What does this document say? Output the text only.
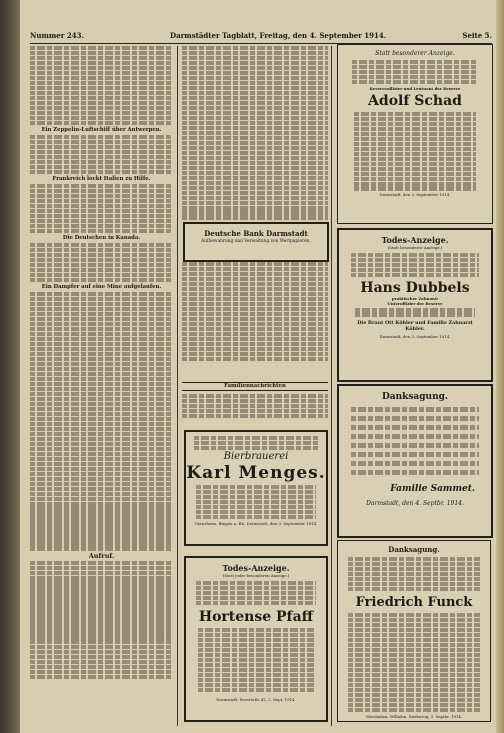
Nummer 243.	Darmstädter Tagblatt, Freitag, den 4. September 1914.	Seite 5.
Ein Zeppelin-Luftschiff über Antwerpen.
Frankreich lockt Italien zu Hilfe.
Die Deutschen in Kanada.
Ein Dampfer auf eine Mine aufgelaufen.
Aufruf.
Deutsche Bank Darmstadt
Aufbewahrung und Verwaltung von Wertpapieren.
Familiennachrichten
Bierbrauerei
Karl Menges.
Gernsheim, Bingen a. Rh. Darmstadt, den 3. September 1914.
Todes-Anzeige.
(Statt jeder besonderen Anzeige.)
Hortense Pfaff
Darmstadt, Seestraße 42, 3. Sept. 1914.
Statt besonderer Anzeige.
Reserveoffizier und Leutnant der Reserve
Adolf Schad
Darmstadt, den 3. September 1914.
Todes-Anzeige.
(Statt besonderer Anzeige.)
Hans Dubbels
praktischer Zahnarzt
Unteroffizier der Reserve
Die Braut Ott Köhler und Familie Zahnarzt Köhler.
Darmstadt, den 3. September 1914.
Danksagung.
Familie Sammet.
Darmstadt, den 4. Septbr. 1914.
Danksagung.
Friedrich Funck
Wiesbaden, Wilhelm. Diefenrog, 3. Septbr. 1914.
